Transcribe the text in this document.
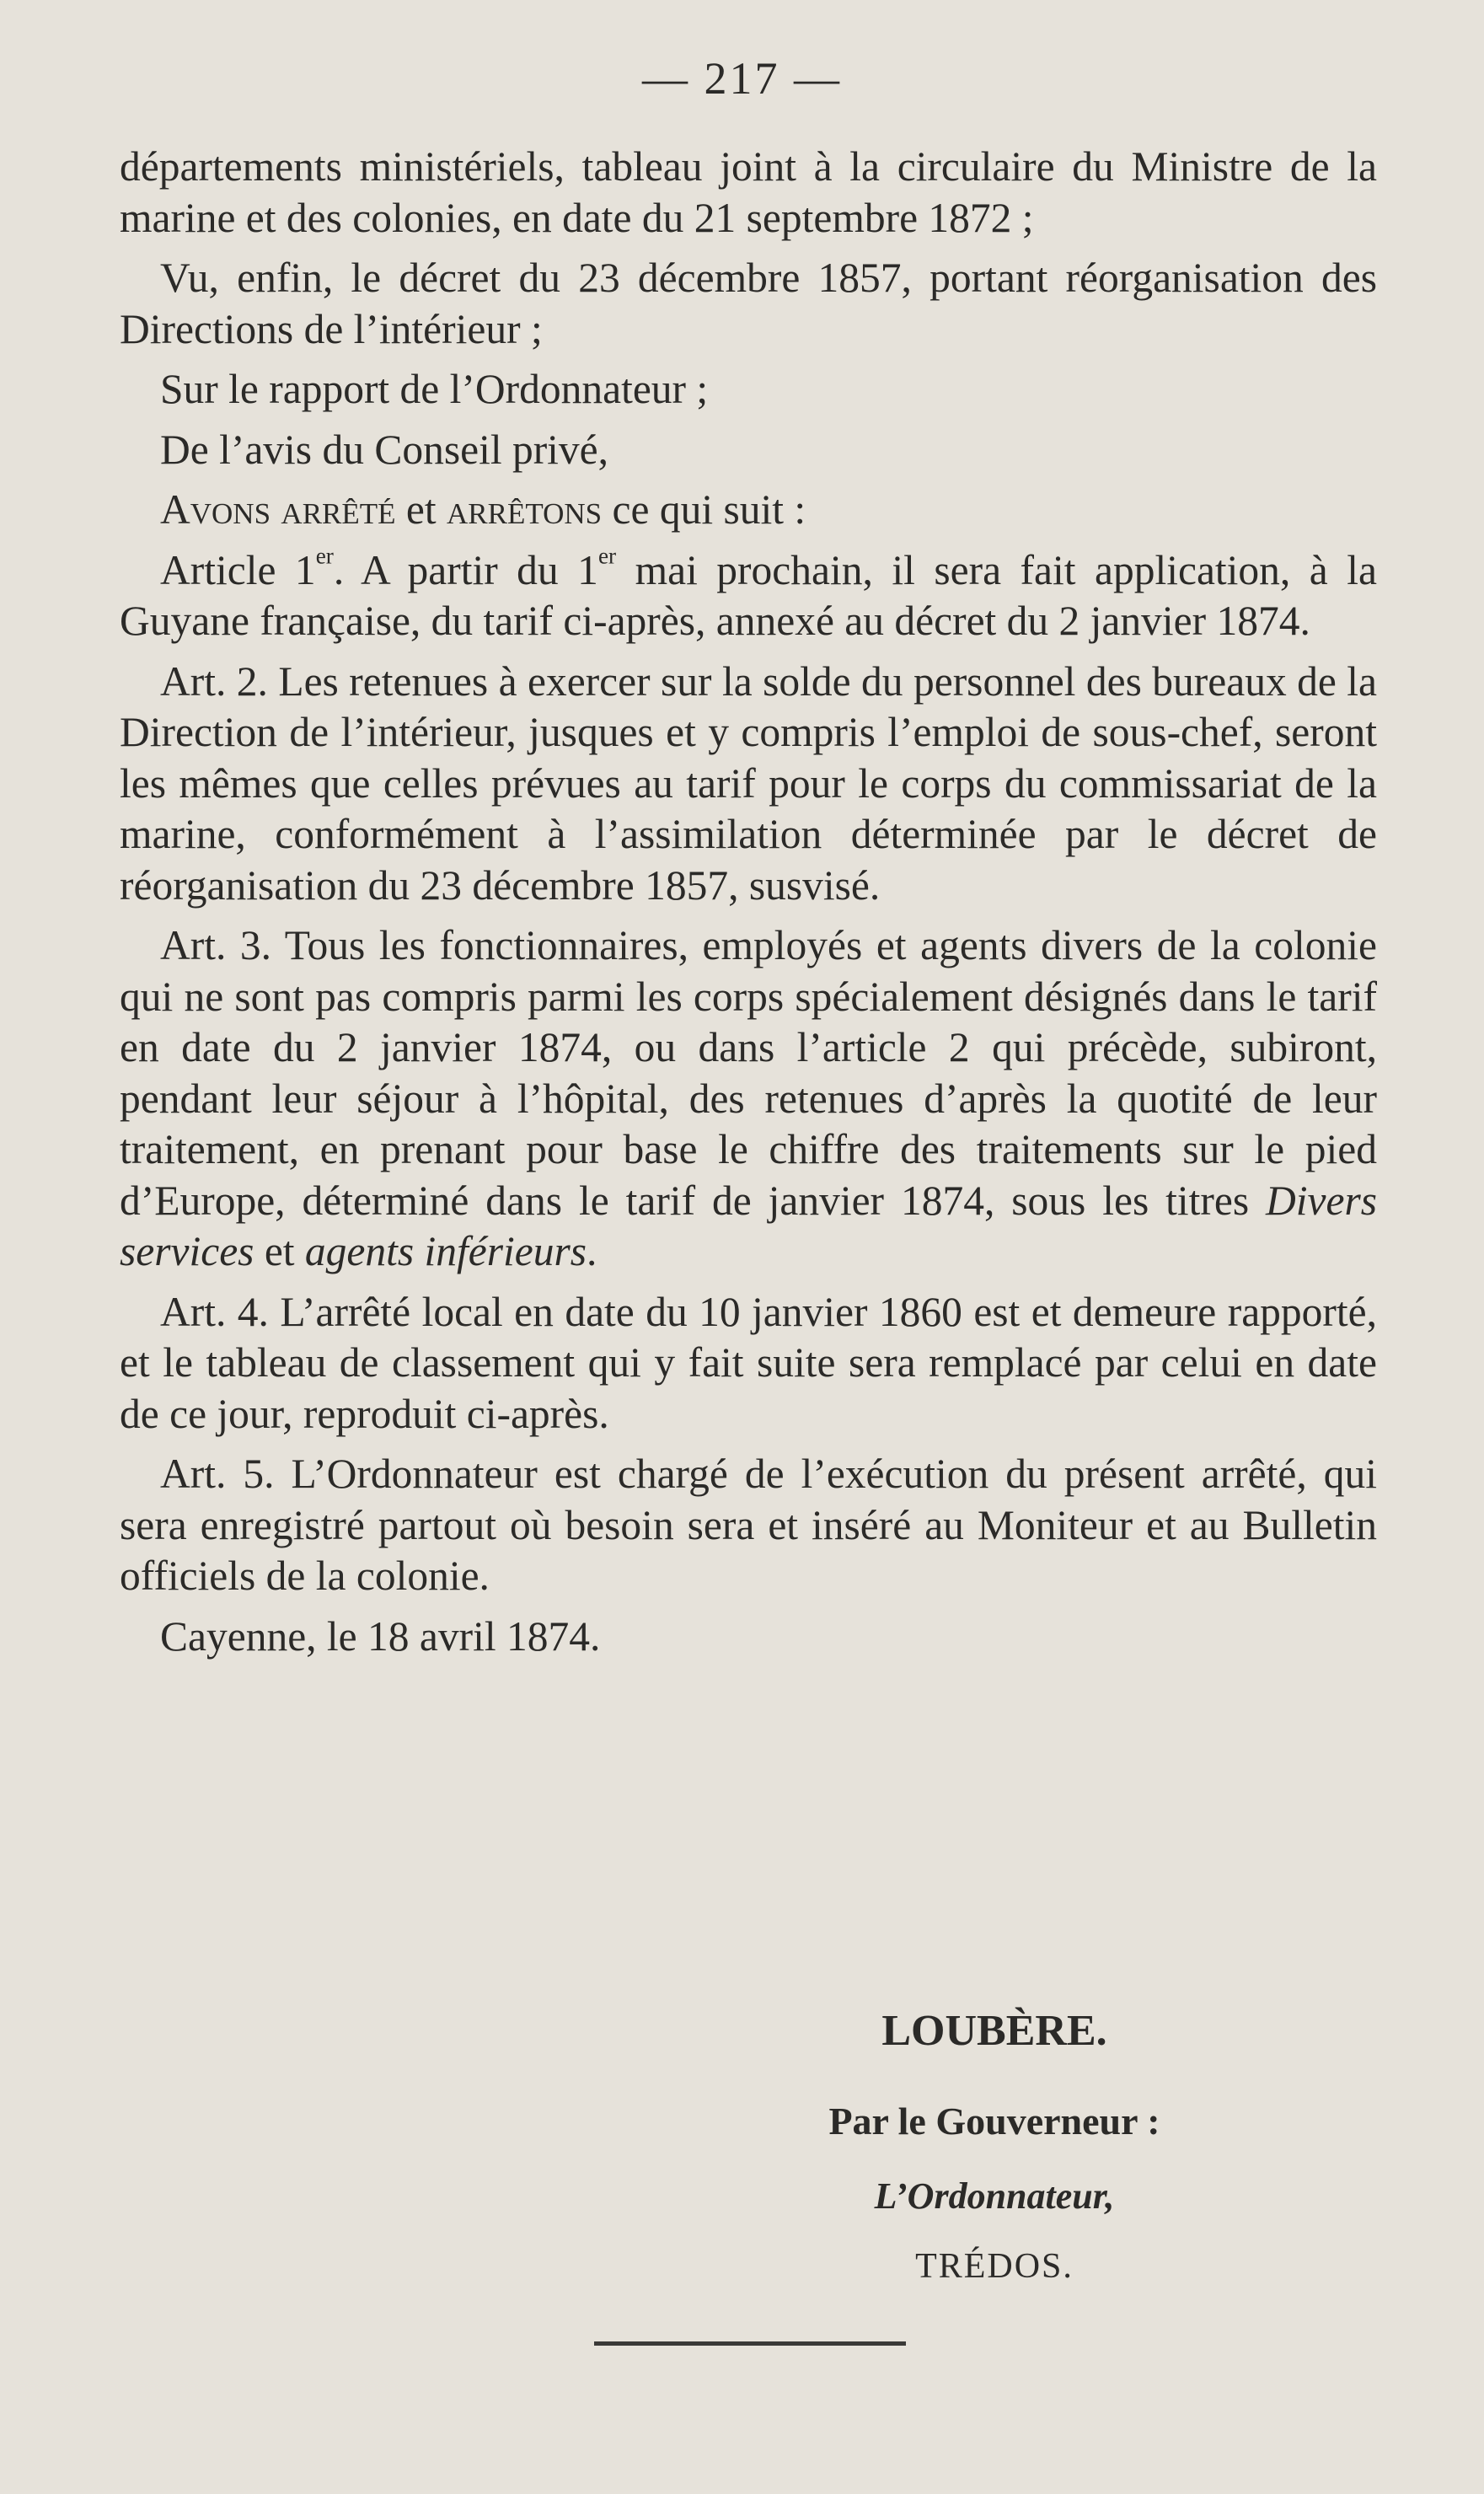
— 217 —

départements ministériels, tableau joint à la circulaire du Ministre de la marine et des colonies, en date du 21 septembre 1872 ;

Vu, enfin, le décret du 23 décembre 1857, portant réorganisation des Directions de l’intérieur ;

Sur le rapport de l’Ordonnateur ;

De l’avis du Conseil privé,

Avons arrêté et arrêtons ce qui suit :

Article 1er. A partir du 1er mai prochain, il sera fait application, à la Guyane française, du tarif ci-après, annexé au décret du 2 janvier 1874.

Art. 2. Les retenues à exercer sur la solde du personnel des bureaux de la Direction de l’intérieur, jusques et y compris l’emploi de sous-chef, seront les mêmes que celles prévues au tarif pour le corps du commissariat de la marine, conformément à l’assimilation déterminée par le décret de réorganisation du 23 décembre 1857, susvisé.

Art. 3. Tous les fonctionnaires, employés et agents divers de la colonie qui ne sont pas compris parmi les corps spécialement désignés dans le tarif en date du 2 janvier 1874, ou dans l’article 2 qui précède, subiront, pendant leur séjour à l’hôpital, des retenues d’après la quotité de leur traitement, en prenant pour base le chiffre des traitements sur le pied d’Europe, déterminé dans le tarif de janvier 1874, sous les titres Divers services et agents inférieurs.

Art. 4. L’arrêté local en date du 10 janvier 1860 est et demeure rapporté, et le tableau de classement qui y fait suite sera remplacé par celui en date de ce jour, reproduit ci-après.

Art. 5. L’Ordonnateur est chargé de l’exécution du présent arrêté, qui sera enregistré partout où besoin sera et inséré au Moniteur et au Bulletin officiels de la colonie.

Cayenne, le 18 avril 1874.

LOUBÈRE.
Par le Gouverneur :
L’Ordonnateur,
TRÉDOS.
